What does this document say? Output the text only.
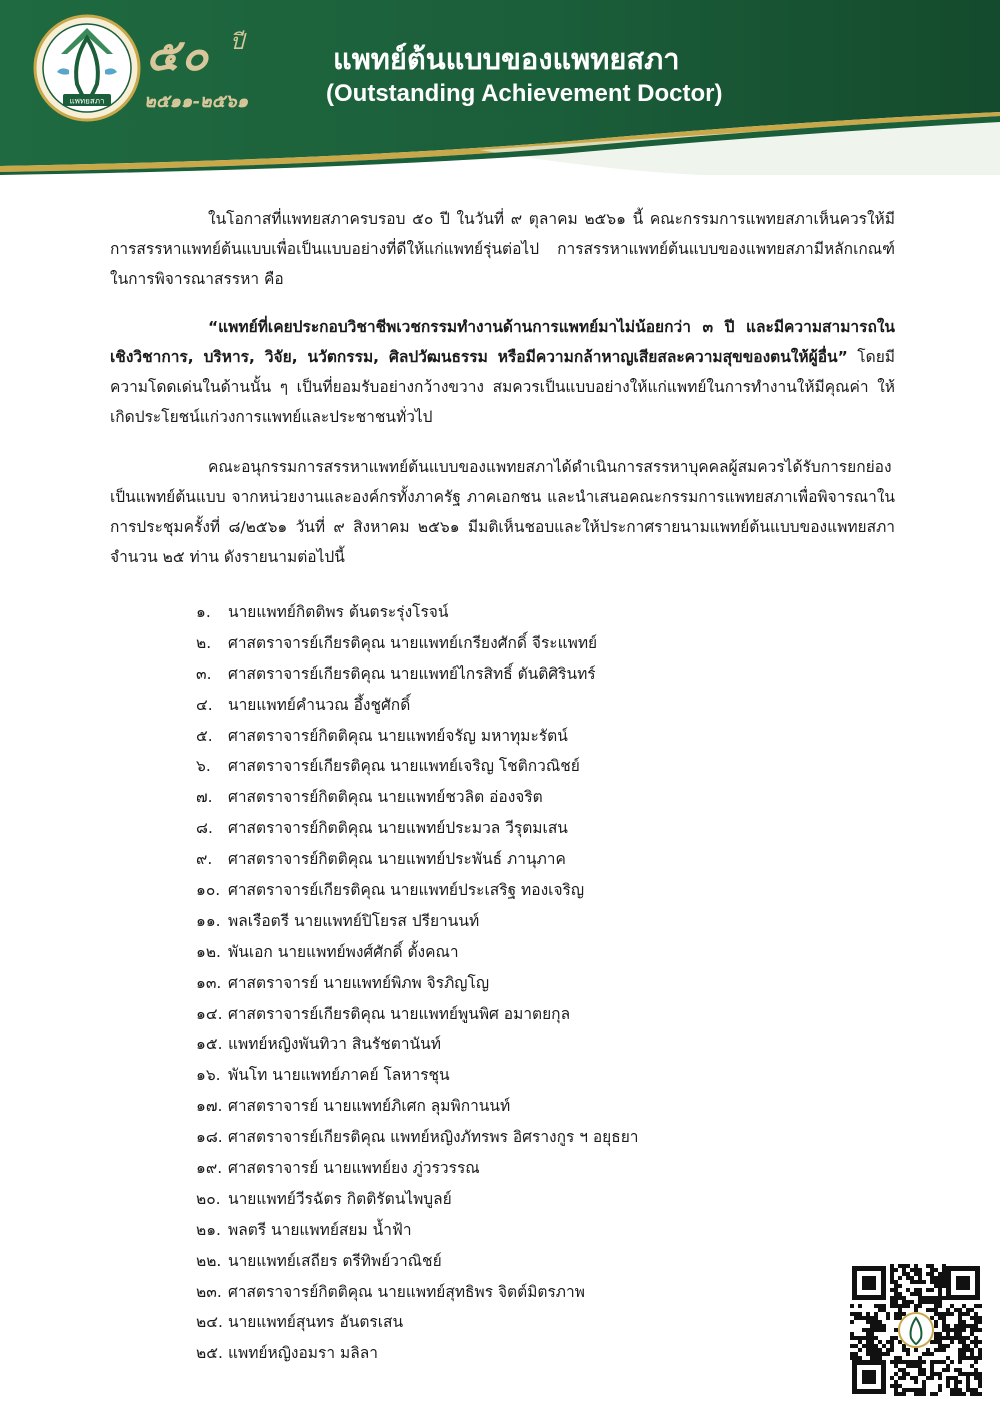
แพทยสภา
๕๐ ปี
๒๕๑๑-๒๕๖๑
แพทย์ต้นแบบของแพทยสภา
(Outstanding Achievement Doctor)

ในโอกาสที่แพทยสภาครบรอบ ๕๐ ปี ในวันที่ ๙ ตุลาคม ๒๕๖๑ นี้ คณะกรรมการแพทยสภาเห็นควรให้มีการสรรหาแพทย์ต้นแบบเพื่อเป็นแบบอย่างที่ดีให้แก่แพทย์รุ่นต่อไป การสรรหาแพทย์ต้นแบบของแพทยสภามีหลักเกณฑ์ในการพิจารณาสรรหา คือ

“แพทย์ที่เคยประกอบวิชาชีพเวชกรรมทำงานด้านการแพทย์มาไม่น้อยกว่า ๓ ปี และมีความสามารถในเชิงวิชาการ, บริหาร, วิจัย, นวัตกรรม, ศิลปวัฒนธรรม หรือมีความกล้าหาญเสียสละความสุขของตนให้ผู้อื่น” โดยมีความโดดเด่นในด้านนั้น ๆ เป็นที่ยอมรับอย่างกว้างขวาง สมควรเป็นแบบอย่างให้แก่แพทย์ในการทำงานให้มีคุณค่า ให้เกิดประโยชน์แก่วงการแพทย์และประชาชนทั่วไป

คณะอนุกรรมการสรรหาแพทย์ต้นแบบของแพทยสภาได้ดำเนินการสรรหาบุคคลผู้สมควรได้รับการยกย่องเป็นแพทย์ต้นแบบ จากหน่วยงานและองค์กรทั้งภาครัฐ ภาคเอกชน และนำเสนอคณะกรรมการแพทยสภาเพื่อพิจารณาในการประชุมครั้งที่ ๘/๒๕๖๑ วันที่ ๙ สิงหาคม ๒๕๖๑ มีมติเห็นชอบและให้ประกาศรายนามแพทย์ต้นแบบของแพทยสภา จำนวน ๒๕ ท่าน ดังรายนามต่อไปนี้

๑. นายแพทย์กิตติพร ต้นตระรุ่งโรจน์
๒. ศาสตราจารย์เกียรติคุณ นายแพทย์เกรียงศักดิ์ จีระแพทย์
๓. ศาสตราจารย์เกียรติคุณ นายแพทย์ไกรสิทธิ์ ตันติศิรินทร์
๔. นายแพทย์คำนวณ อึ้งชูศักดิ์
๕. ศาสตราจารย์กิตติคุณ นายแพทย์จรัญ มหาทุมะรัตน์
๖. ศาสตราจารย์เกียรติคุณ นายแพทย์เจริญ โชติกวณิชย์
๗. ศาสตราจารย์กิตติคุณ นายแพทย์ชวลิต อ่องจริต
๘. ศาสตราจารย์กิตติคุณ นายแพทย์ประมวล วีรุตมเสน
๙. ศาสตราจารย์กิตติคุณ นายแพทย์ประพันธ์ ภานุภาค
๑๐. ศาสตราจารย์เกียรติคุณ นายแพทย์ประเสริฐ ทองเจริญ
๑๑. พลเรือตรี นายแพทย์ปิโยรส ปรียานนท์
๑๒. พันเอก นายแพทย์พงศ์ศักดิ์ ตั้งคณา
๑๓. ศาสตราจารย์ นายแพทย์พิภพ จิรภิญโญ
๑๔. ศาสตราจารย์เกียรติคุณ นายแพทย์พูนพิศ อมาตยกุล
๑๕. แพทย์หญิงพันทิวา สินรัชตานันท์
๑๖. พันโท นายแพทย์ภาคย์ โลหารชุน
๑๗. ศาสตราจารย์ นายแพทย์ภิเศก ลุมพิกานนท์
๑๘. ศาสตราจารย์เกียรติคุณ แพทย์หญิงภัทรพร อิศรางกูร ฯ อยุธยา
๑๙. ศาสตราจารย์ นายแพทย์ยง ภู่วรวรรณ
๒๐. นายแพทย์วีรฉัตร กิตติรัตนไพบูลย์
๒๑. พลตรี นายแพทย์สยม น้ำฟ้า
๒๒. นายแพทย์เสถียร ตรีทิพย์วาณิชย์
๒๓. ศาสตราจารย์กิตติคุณ นายแพทย์สุทธิพร จิตต์มิตรภาพ
๒๔. นายแพทย์สุนทร อันตรเสน
๒๕. แพทย์หญิงอมรา มลิลา
